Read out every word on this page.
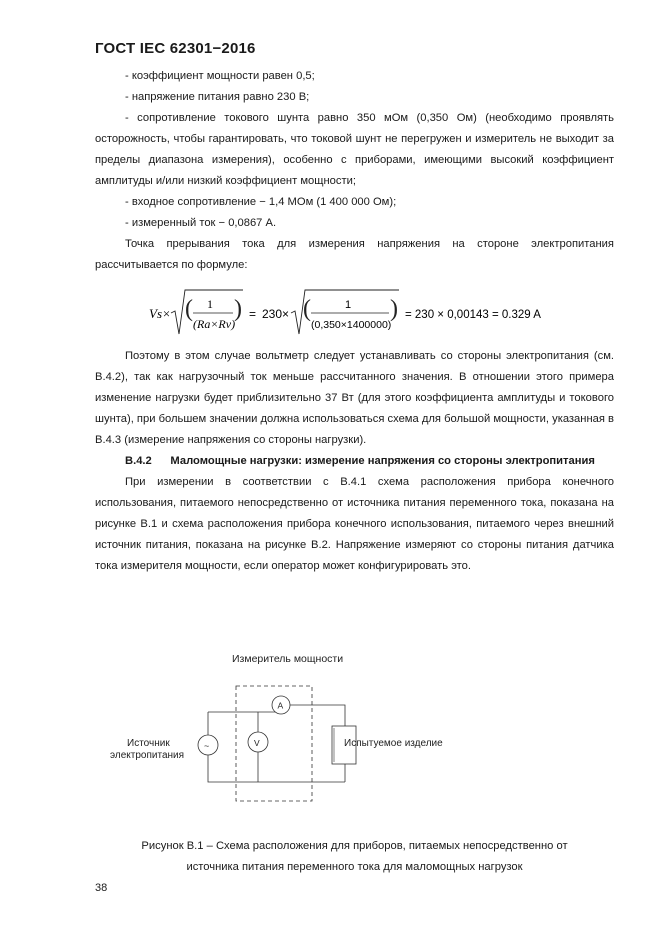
ГОСТ IEC 62301−2016

- коэффициент мощности равен 0,5;

- напряжение питания равно 230 В;

- сопротивление токового шунта равно 350 мОм (0,350 Ом) (необходимо проявлять осторожность, чтобы гарантировать, что токовой шунт не перегружен и измеритель не выходит за пределы диапазона измерения), особенно с приборами, имеющими высокий коэффициент амплитуды и/или низкий коэффициент мощности;

- входное сопротивление − 1,4 МОм (1 400 000 Ом);

- измеренный ток − 0,0867 А.

Точка прерывания тока для измерения напряжения на стороне электропитания рассчитывается по формуле:

Vs× ( 1
(Ra×Rv)
) = 230× (	1
(0,350×1400000)
) = 230 × 0,00143 = 0.329 A

Поэтому в этом случае вольтметр следует устанавливать со стороны электропитания (см. В.4.2), так как нагрузочный ток меньше рассчитанного значения. В отношении этого примера изменение нагрузки будет приблизительно 37 Вт (для этого коэффициента амплитуды и токового шунта), при большем значении должна использоваться схема для большой мощности, указанная в В.4.3 (измерение напряжения со стороны нагрузки).

В.4.2 Маломощные нагрузки: измерение напряжения со стороны электропитания

При измерении в соответствии с В.4.1 схема расположения прибора конечного использования, питаемого непосредственно от источника питания переменного тока, показана на рисунке В.1 и схема расположения прибора конечного использования, питаемого через внешний источник питания, показана на рисунке В.2. Напряжение измеряют со стороны питания датчика тока измерителя мощности, если оператор может конфигурировать это.

Измеритель мощности
~
A
V
Источник
электропитания
Испытуемое изделие
Рисунок В.1 – Схема расположения для приборов, питаемых непосредственно от
источника питания переменного тока для маломощных нагрузок
38
